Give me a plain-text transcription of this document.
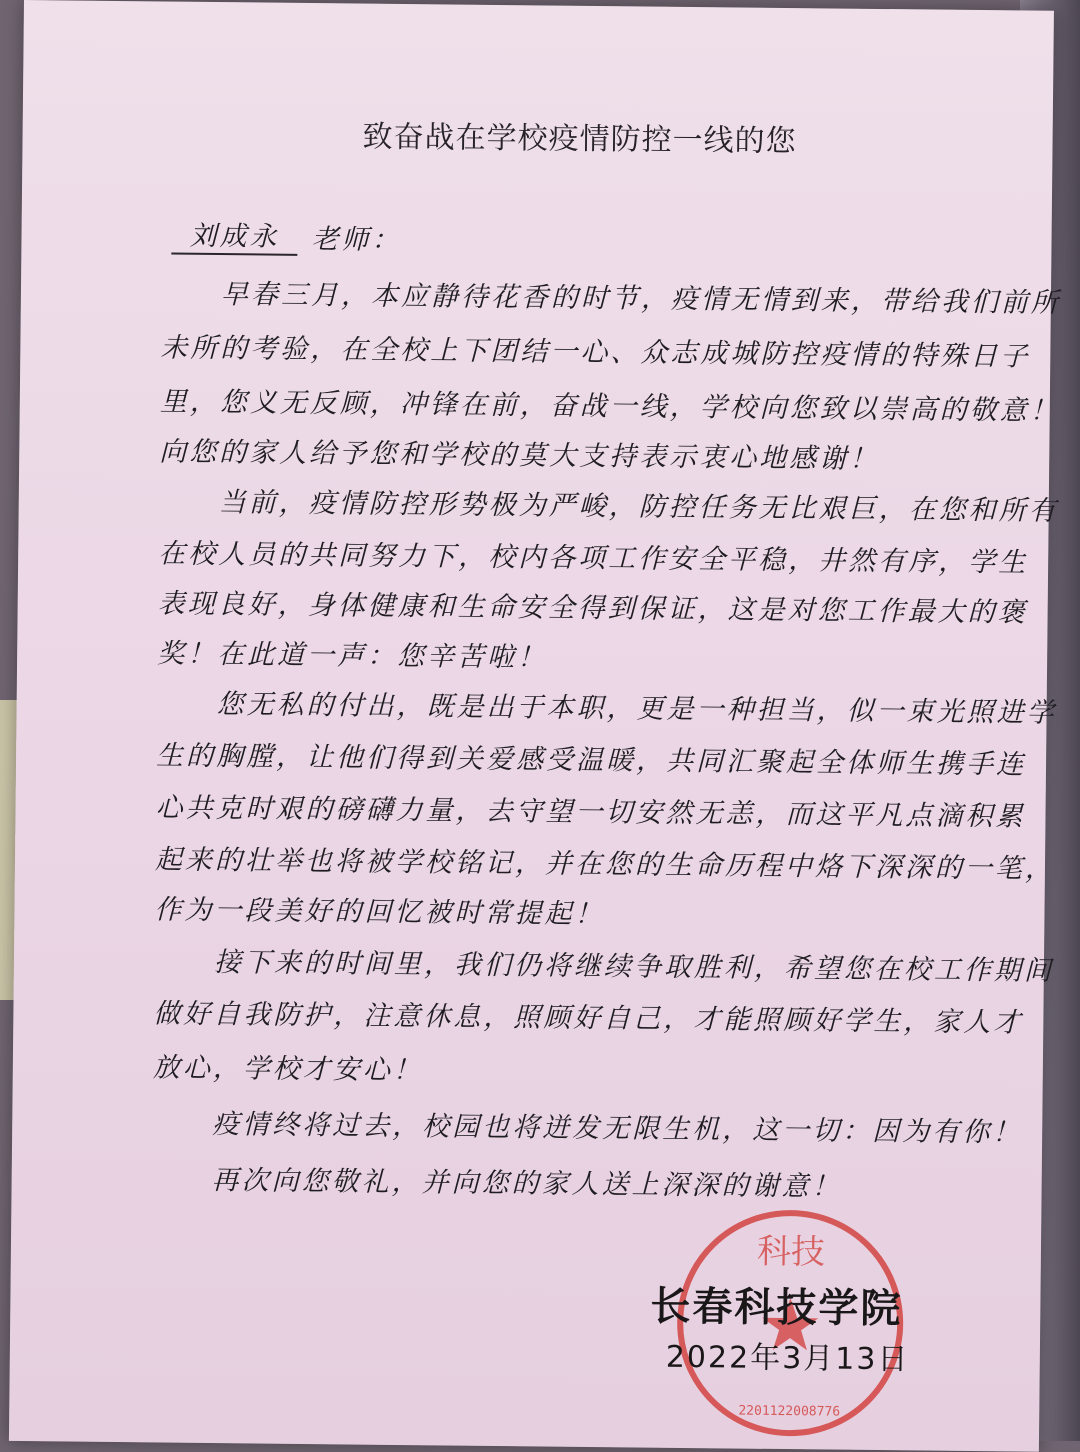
致奋战在学校疫情防控一线的您
刘成永	老师：
早春三月，本应静待花香的时节，疫情无情到来，带给我们前所
未所的考验，在全校上下团结一心、众志成城防控疫情的特殊日子
里，您义无反顾，冲锋在前，奋战一线，学校向您致以崇高的敬意！
向您的家人给予您和学校的莫大支持表示衷心地感谢！
当前，疫情防控形势极为严峻，防控任务无比艰巨，在您和所有
在校人员的共同努力下，校内各项工作安全平稳，井然有序，学生
表现良好，身体健康和生命安全得到保证，这是对您工作最大的褒
奖！在此道一声：您辛苦啦！
您无私的付出，既是出于本职，更是一种担当，似一束光照进学
生的胸膛，让他们得到关爱感受温暖，共同汇聚起全体师生携手连
心共克时艰的磅礴力量，去守望一切安然无恙，而这平凡点滴积累
起来的壮举也将被学校铭记，并在您的生命历程中烙下深深的一笔，
作为一段美好的回忆被时常提起！
接下来的时间里，我们仍将继续争取胜利，希望您在校工作期间
做好自我防护，注意休息，照顾好自己，才能照顾好学生，家人才
放心，学校才安心！
疫情终将过去，校园也将迸发无限生机，这一切：因为有你！
再次向您敬礼，并向您的家人送上深深的谢意！
科技
2201122008776
长春科技学院
2022年3月13日
